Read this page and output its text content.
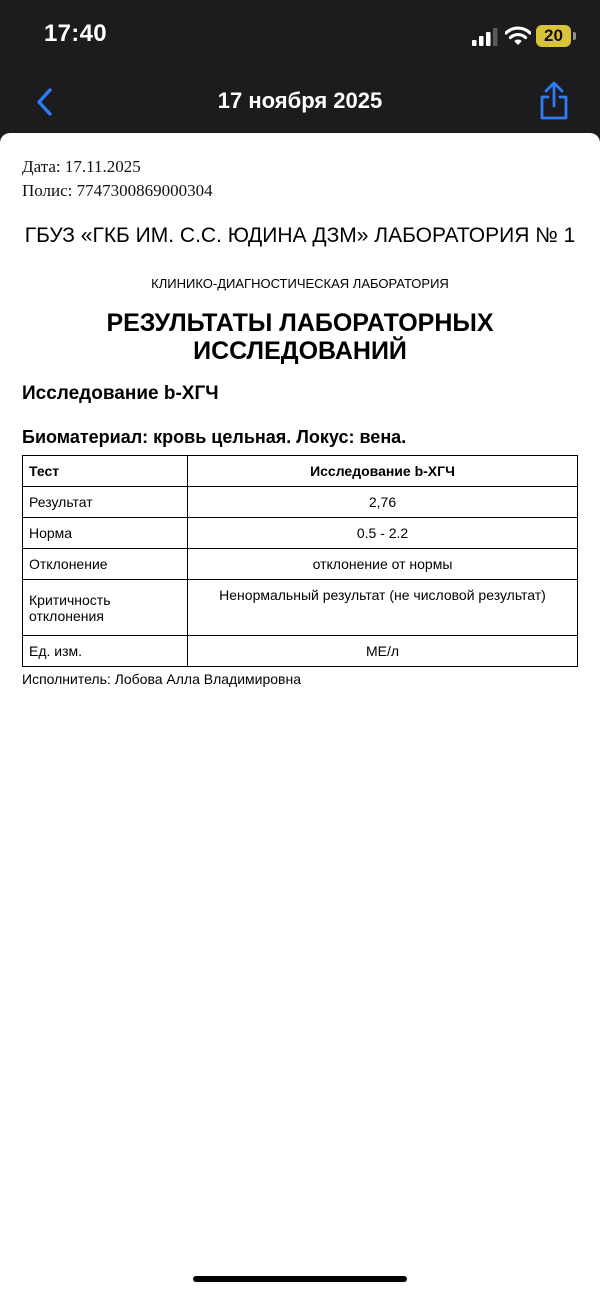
17:40	20
17 ноября 2025
Дата: 17.11.2025
Полис: 7747300869000304
ГБУЗ «ГКБ ИМ. С.С. ЮДИНА ДЗМ» ЛАБОРАТОРИЯ № 1
КЛИНИКО-ДИАГНОСТИЧЕСКАЯ ЛАБОРАТОРИЯ
РЕЗУЛЬТАТЫ ЛАБОРАТОРНЫХ ИССЛЕДОВАНИЙ
Исследование b-ХГЧ
Биоматериал: кровь цельная. Локус: вена.
Тест	Исследование b-ХГЧ
Результат	2,76
Норма	0.5 - 2.2
Отклонение	отклонение от нормы
Критичность отклонения	Ненормальный результат (не числовой результат)
Ед. изм.	МЕ/л
Исполнитель: Лобова Алла Владимировна
